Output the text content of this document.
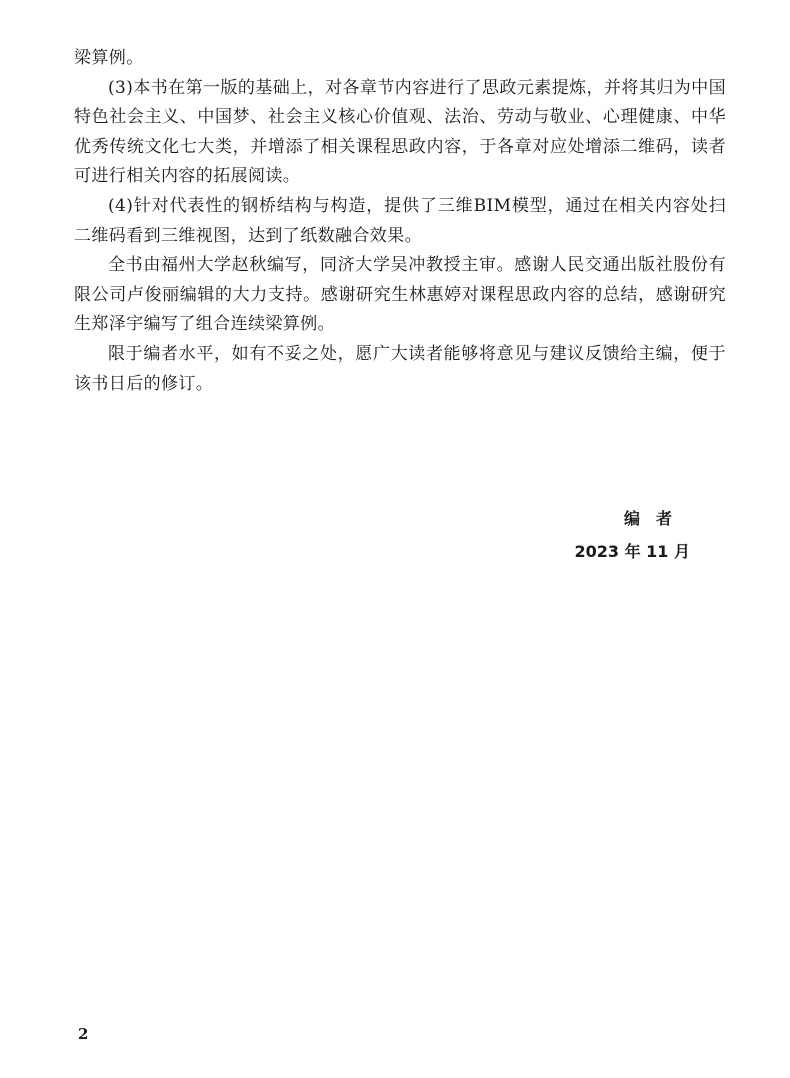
梁算例。

(3)本书在第一版的基础上，对各章节内容进行了思政元素提炼，并将其归为中国特色社会主义、中国梦、社会主义核心价值观、法治、劳动与敬业、心理健康、中华优秀传统文化七大类，并增添了相关课程思政内容，于各章对应处增添二维码，读者可进行相关内容的拓展阅读。

(4)针对代表性的钢桥结构与构造，提供了三维BIM模型，通过在相关内容处扫二维码看到三维视图，达到了纸数融合效果。

全书由福州大学赵秋编写，同济大学吴冲教授主审。感谢人民交通出版社股份有限公司卢俊丽编辑的大力支持。感谢研究生林惠婷对课程思政内容的总结，感谢研究生郑泽宇编写了组合连续梁算例。

限于编者水平，如有不妥之处，愿广大读者能够将意见与建议反馈给主编，便于该书日后的修订。

编　者
2023 年 11 月
2
